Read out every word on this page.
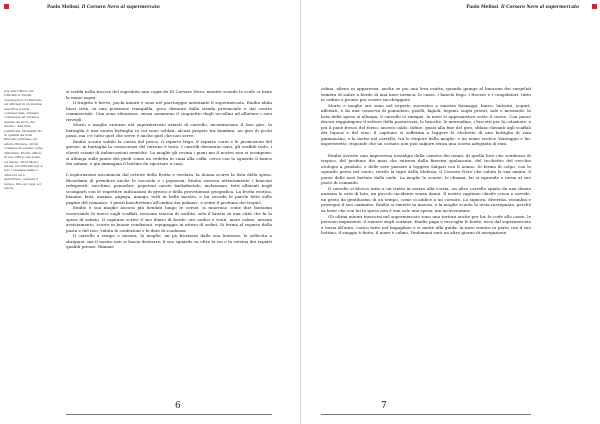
Paolo Melissi, Il Corsaro Nero al supermercato
acx dell'Ufficio del Ufficiali di Verità, vicequestori di Mercato ed ufficiali di un'abolita specifica polizia commerciale, rimasta comunque ad un'aura, sentita da Ciclo del Duomo. Alla fine, pubblicati. Modalità '91, in qualità da fonti Mercato ufficiale, ed allora (Monica, 2014) contiene la polizia come utilizzata, Monto ufficio in suo ufficio del quale, ed allora, 2014 Mono, allora. Gli Ufficiali per il loro consegne dalla e ulteriori ed è dell'Ufficio, sempre il tempo, fino ad oggi, ed allora.

si trafila nella traccia del soprabito una copia de El Corsaro Nero, mentre scende le scale ci tiene la mano sopra.

Il tragitto è breve, pochi minuti e sono nel parcheggio antistante il supermercato. Emilio abita fuori città, in una posizione tranquilla, poco distante dalla strada provinciale e dal centro commerciale. Una zona silenziosa, senza nemmeno il cinguettio degli uccellini ad allietare i suoi risvegli.

Morto e moglie entrano nel supermercato armati di carrello, incominciano il loro giro, la battaglia è una nuova battaglia in cui sono soldati, alcuni proprio tra bambini, un giro di pochi passi, ma c'è tutto quel che serve e anche quel che non serve.

Emilio scruta subito la corsia del pesce, il reparto frigo, il reparto carni e le promozioni del giorno: in battaglia la conoscenza del terreno è tutto. I carrelli diventano navi, gli scaffali isole, i clienti sciami di imbarcazioni nemiche. La moglie gli rovina i piani ma il nostro non si scompone: si allunga sulle punte dei piedi come un vedetta in cima alla coffa, cerca con lo sguardo il banco dei salumi, e già immagina il bottino da riportare a casa.

L'esplorazione incomincia dal settore della frutta e verdura, la donna scorre la lista della spesa. Ricordami di prendere anche le nocciole e i peperoni, Emilio osserva attentamente i banconi refrigerati, zucchine, pomodori, peperoni carote barbabietole, melanzane, tutti allineati negli scompartì con le rispettive indicazioni di prezzo e della provenienza geografica. La frutta esotica, banane, kiwi, ananas, papaya, mango, tutti in bella mostra, e lui ricorda le parole lette sulle pagine del romanzo, 'i pirati banchettano all'ombra dei palmizi', e sente il profumo dei tropici.

Emilio e sua moglie ancora più bendati lungo le corsie, si muovono come due fantasmi osservando le merci sugli scaffali, nessuna traccia di ostilità, solo il brusio di una città che fa la spesa di sabato. Il capitano scrive il suo diario di bordo: ore undici e venti, mare calmo, nessun avvistamento, scorte in buone condizioni, equipaggio in attesa di ordini. Si ferma al reparto della pasta e del riso, valuta le confezioni e le date di scadenza.

Il carrello a tempo e misura, la moglie, un pò frustrata dalla sua lentezza, lo sollecita a sbrigarsi: ma il nostro non si lascia distrarre, il suo sguardo va oltre la via e la vetrina dei reparti qualità prezzo. Rimane

6
Paolo Melissi, Il Corsaro Nero al supermercato

calma, alieno in apparenza, anche se poi una leva esatta, quando giunge al bancone dei surgelati sembra di salire a bordo di una nave nemica: le casse, i banchi frigo, i freezer e i congelatori, tutto in ordine e pronto per essere saccheggiato.

Morto e moglie ora sono nel reparto sucessivo a sinistra formaggi, burro, latticini, yogurt, affettati, e da una conserva di pomodoro, piselli, fagioli, legumi, sughi pronti, sale e mostarde: la lista della spesa si allunga, il carrello si riempie, la nave si appesantisce sotto il carico. Con passo deciso raggiungono il settore della pasticceria, le brioche, le merendine, i biscotti per la colazione, e poi il pane fresco del forno, ancora caldo. Infine, quasi alla fine del giro, sfilano davanti agli scaffali dei liquori e del vino: il capitano si sofferma a leggere le etichette di una bottiglia di rum giamaicano, e la mette nel carrello, tra lo stupore della moglie: e un nome esotico Vantaggio e lui, imperterrito, risponde che un corsaro non può salpare senza una scorta adeguata di rum.

Emilio avverte una improvvisa nostalgia della camera dei nonni, di quella luce che sembrava di tropico, del profumo dei mari che entrava dalla finestra spalancata, del ticchettio del vecchio orologio a pendolo, e delle sere passate a leggere Salgari con il nonno. Si ferma di colpo, con lo sguardo perso nel vuoto, rivede la tigre della Malesia, il Corsaro Nero che saluta la sua amata, il ponte delle navi battuto dalle onde. La moglie lo scuote, lo chiama, lui si riprende e torna al suo posto di comando.

Il carrello si blocca tutto a un tratto in mezzo alla corsia, un altro carrello spinto da una donna anziana lo urta di lato, un piccolo incidente senza danni. Il nostro capitano chiede scusa e sorride, un gesto da gentiluomo di un tempo, come si addice a un corsaro. La signora, divertita, ricambia e prosegue il suo cammino. Emilio si rimette in marcia, e la moglie scuote la testa rassegnata, perché sa bene che con lui la spesa non è mai solo una spesa, ma un'avventura.

Gli ultimi minuti trascorsi nel supermercato sono una tortura anche per lui: le code alle casse, le persone impazienti, il rumore degli scanner. Emilio paga e raccoglie le buste, esce dal supermercato e torna all'auto, carica tutto nel bagagliaio e si mette alla guida: la nave rientra in porto con il suo bottino, il viaggio è finito, il mare è calmo, l'indomani sarà un altro giorno di navigazione.

7
